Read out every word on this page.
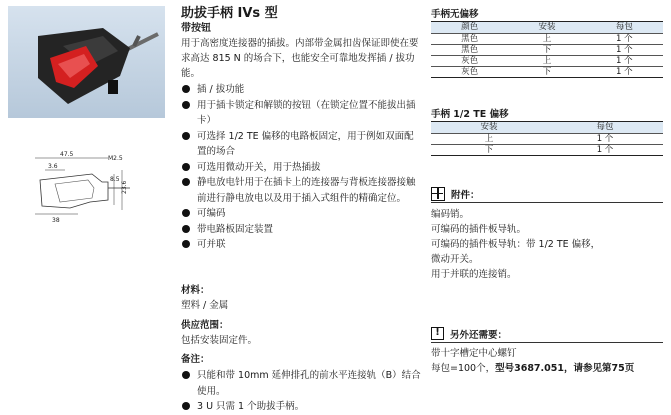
47.5
3.6
M2.5
8.5
23.6
38
助拔手柄 IVs 型
带按钮
用于高密度连接器的插拔。内部带金属扣齿保证即使在要求高达 815 N 的场合下，也能安全可靠地发挥插 / 拔功能。
插 / 拔功能
用于插卡锁定和解锁的按钮（在锁定位置不能拔出插卡）
可选择 1/2 TE 偏移的电路板固定，用于例如双面配置的场合
可选用微动开关，用于热插拔
静电放电针用于在插卡上的连接器与背板连接器接触前进行静电放电以及用于插入式组件的精确定位。
可编码
带电路板固定装置
可并联
材料：
塑料 / 金属
供应范围：
包括安装固定件。
备注：
只能和带 10mm 延伸排孔的前水平连接轨（B）结合使用。
3 U 只需 1 个助拔手柄。
手柄无偏移
颜色	安装	每包
黑色	上	1 个
黑色	下	1 个
灰色	上	1 个
灰色	下	1 个
手柄 1/2 TE 偏移
安装	每包
上	1 个
下	1 个
附件：
编码销。
可编码的插件板导轨。
可编码的插件板导轨：带 1/2 TE 偏移，
微动开关。
用于并联的连接销。
!	另外还需要：
带十字槽定中心螺钉
每包=100个，型号3687.051，请参见第75页
